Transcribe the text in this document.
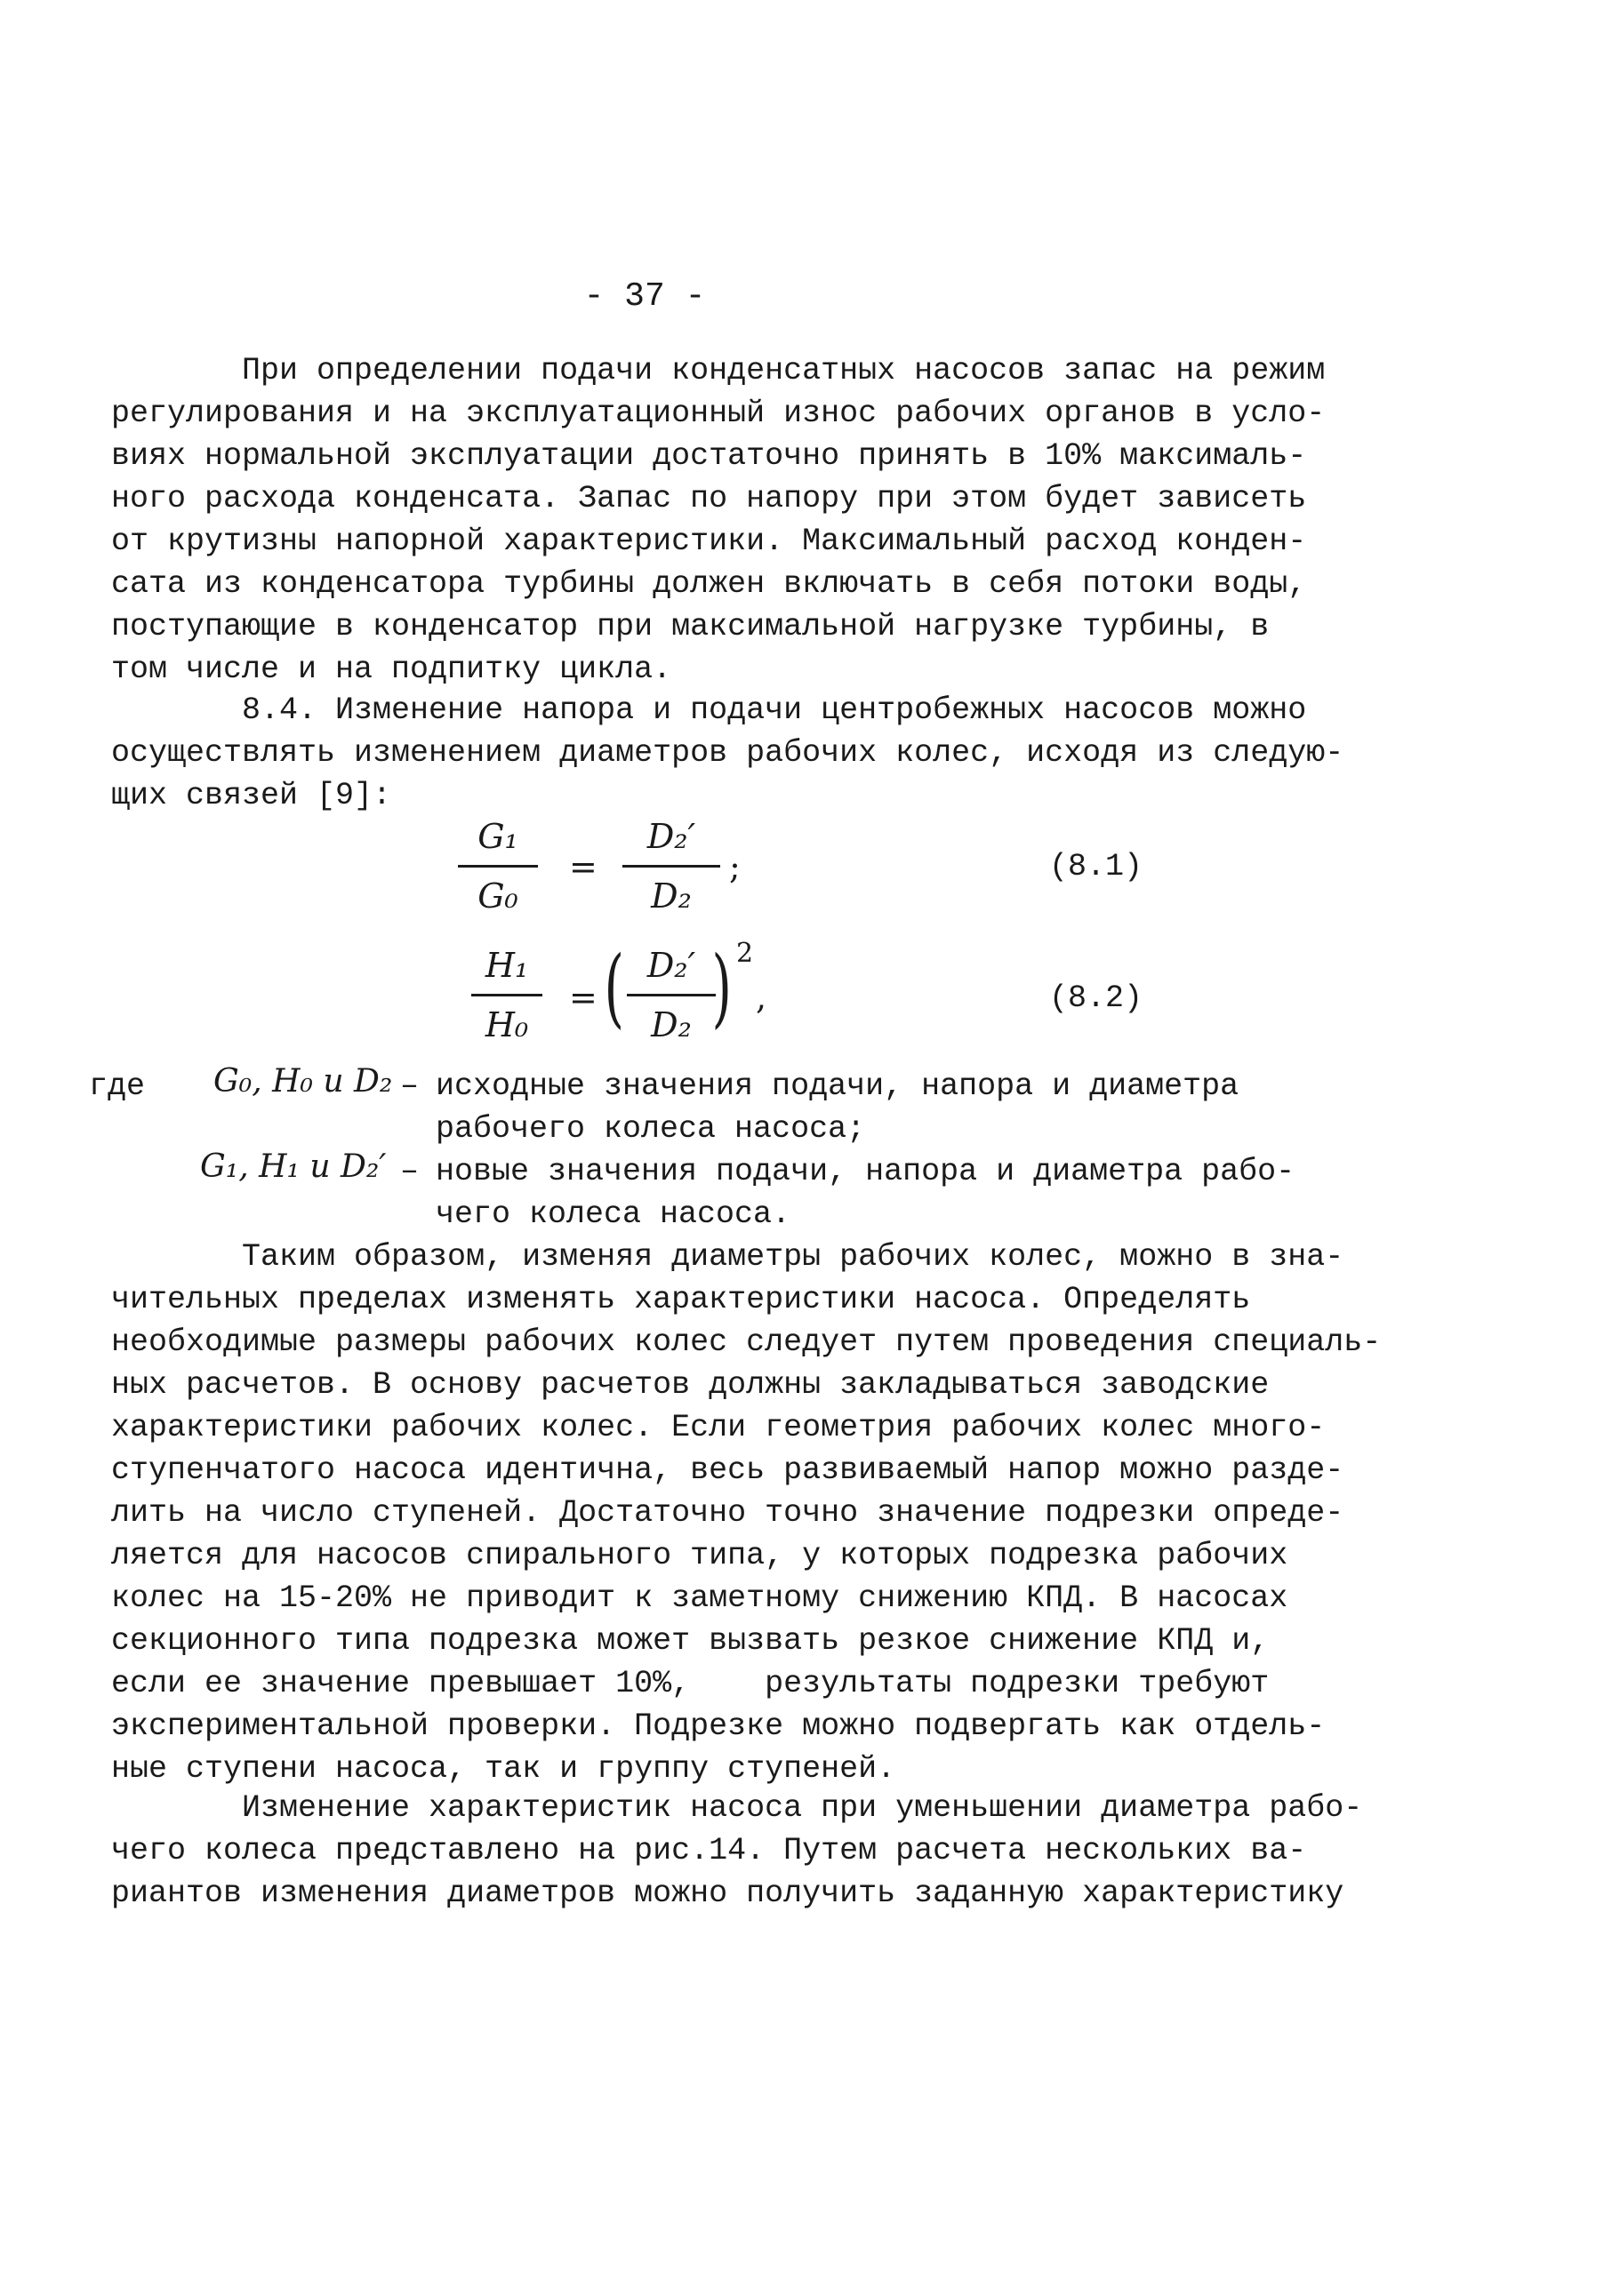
- 37 -
При определении подачи конденсатных насосов запас на режим
регулирования и на эксплуатационный износ рабочих органов в усло-
виях нормальной эксплуатации достаточно принять в 10% максималь-
ного расхода конденсата. Запас по напору при этом будет зависеть
от крутизны напорной характеристики. Максимальный расход конден-
сата из конденсатора турбины должен включать в себя потоки воды,
поступающие в конденсатор при максимальной нагрузке турбины, в
том числе и на подпитку цикла.
8.4. Изменение напора и подачи центробежных насосов можно
осуществлять изменением диаметров рабочих колес, исходя из следую-
щих связей [9]:
G₁
G₀
=
D₂′
D₂
;	(8.1)
H₁
H₀
= ( D₂′
D₂ ) 2
,	(8.2)
где G₀, H₀ и D₂ – исходные значения подачи, напора и диаметра
рабочего колеса насоса;
G₁, H₁ и D₂′ – новые значения подачи, напора и диаметра рабо-
чего колеса насоса.
Таким образом, изменяя диаметры рабочих колес, можно в зна-
чительных пределах изменять характеристики насоса. Определять
необходимые размеры рабочих колес следует путем проведения специаль-
ных расчетов. В основу расчетов должны закладываться заводские
характеристики рабочих колес. Если геометрия рабочих колес много-
ступенчатого насоса идентична, весь развиваемый напор можно разде-
лить на число ступеней. Достаточно точно значение подрезки опреде-
ляется для насосов спирального типа, у которых подрезка рабочих
колес на 15-20% не приводит к заметному снижению КПД. В насосах
секционного типа подрезка может вызвать резкое снижение КПД и,
если ее значение превышает 10%,    результаты подрезки требуют
экспериментальной проверки. Подрезке можно подвергать как отдель-
ные ступени насоса, так и группу ступеней.
Изменение характеристик насоса при уменьшении диаметра рабо-
чего колеса представлено на рис.14. Путем расчета нескольких ва-
риантов изменения диаметров можно получить заданную характеристику
